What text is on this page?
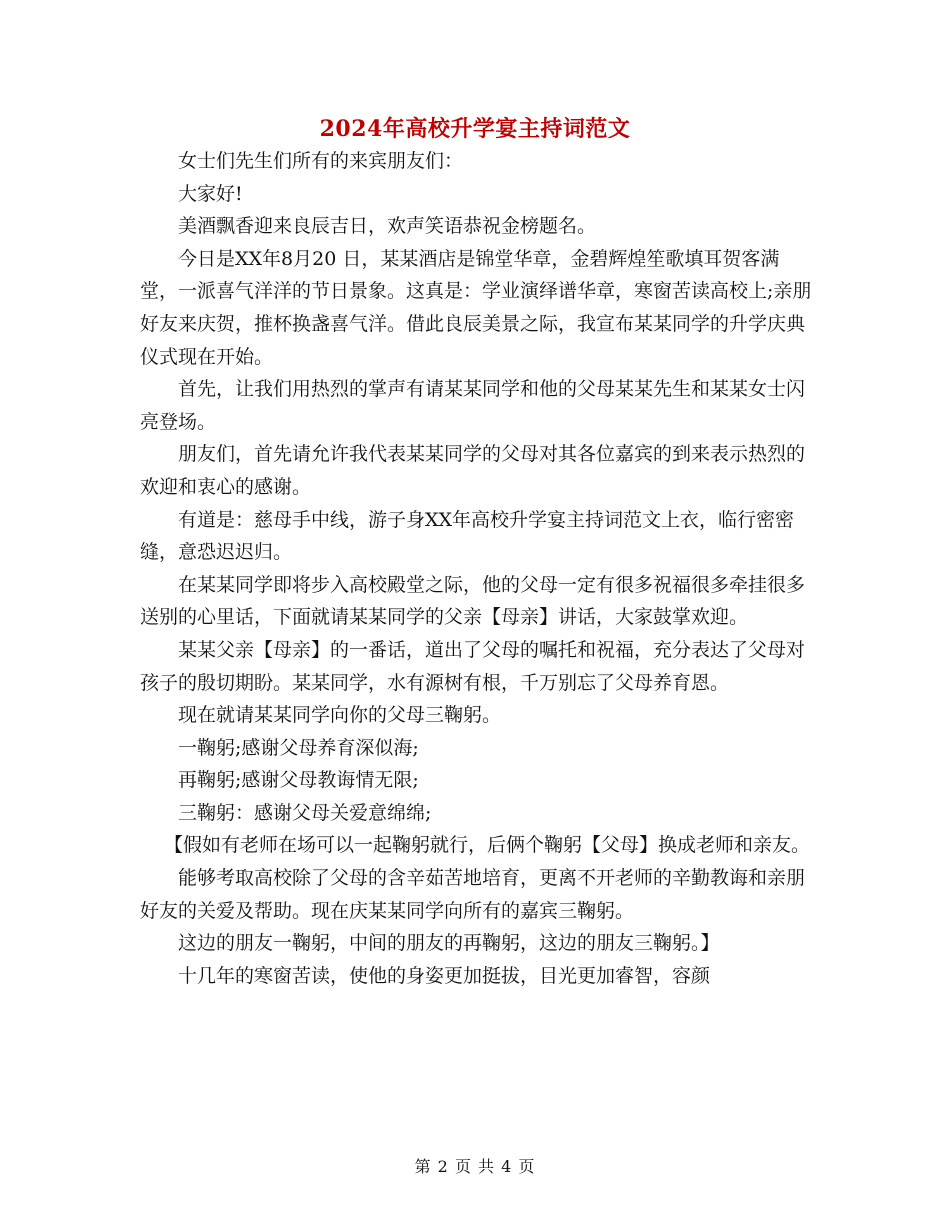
2024年高校升学宴主持词范文

女士们先生们所有的来宾朋友们：

大家好!

美酒飘香迎来良辰吉日，欢声笑语恭祝金榜题名。

今日是XX年8月20 日，某某酒店是锦堂华章，金碧辉煌笙歌填耳贺客满堂，一派喜气洋洋的节日景象。这真是：学业演绎谱华章，寒窗苦读高校上;亲朋好友来庆贺，推杯换盏喜气洋。借此良辰美景之际，我宣布某某同学的升学庆典仪式现在开始。

首先，让我们用热烈的掌声有请某某同学和他的父母某某先生和某某女士闪亮登场。

朋友们，首先请允许我代表某某同学的父母对其各位嘉宾的到来表示热烈的欢迎和衷心的感谢。

有道是：慈母手中线，游子身XX年高校升学宴主持词范文上衣，临行密密缝，意恐迟迟归。

在某某同学即将步入高校殿堂之际，他的父母一定有很多祝福很多牵挂很多送别的心里话，下面就请某某同学的父亲【母亲】讲话，大家鼓掌欢迎。

某某父亲【母亲】的一番话，道出了父母的嘱托和祝福，充分表达了父母对孩子的殷切期盼。某某同学，水有源树有根，千万别忘了父母养育恩。

现在就请某某同学向你的父母三鞠躬。

一鞠躬;感谢父母养育深似海;

再鞠躬;感谢父母教诲情无限;

三鞠躬：感谢父母关爱意绵绵;

【假如有老师在场可以一起鞠躬就行，后俩个鞠躬【父母】换成老师和亲友。

能够考取高校除了父母的含辛茹苦地培育，更离不开老师的辛勤教诲和亲朋好友的关爱及帮助。现在庆某某同学向所有的嘉宾三鞠躬。

这边的朋友一鞠躬，中间的朋友的再鞠躬，这边的朋友三鞠躬。】

十几年的寒窗苦读，使他的身姿更加挺拔，目光更加睿智，容颜

第 2 页 共 4 页
